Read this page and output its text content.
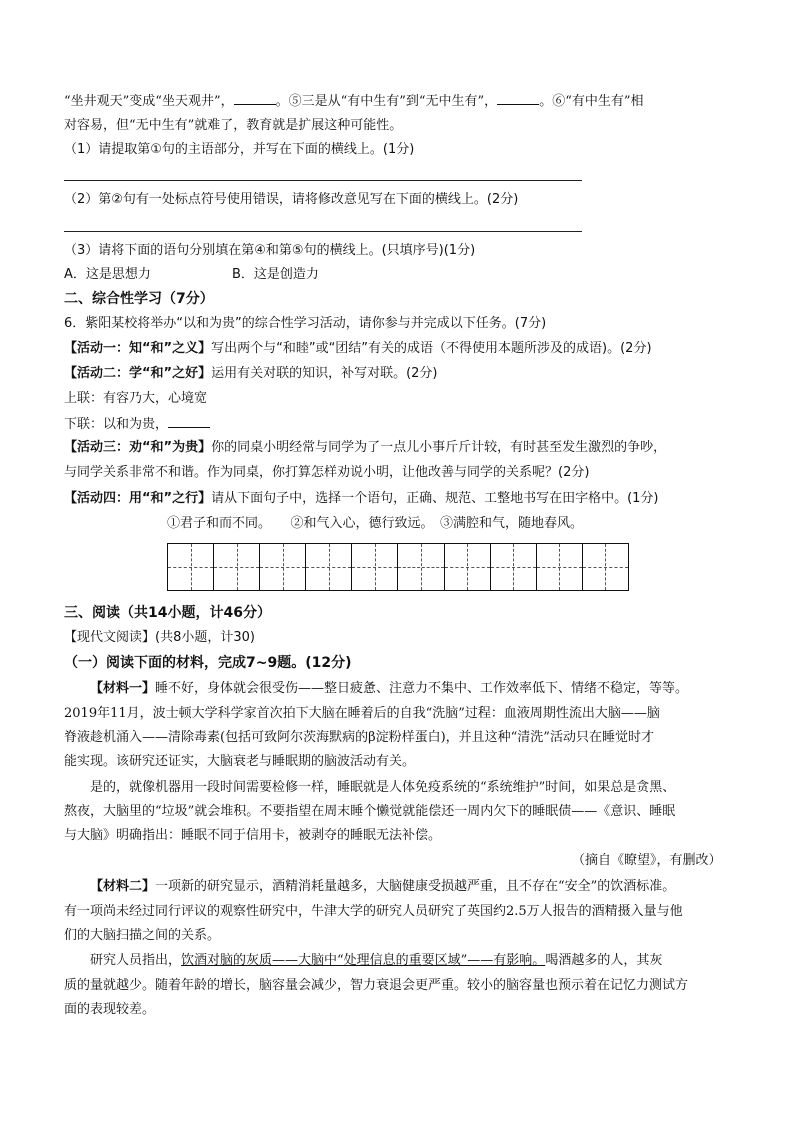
“坐井观天”变成“坐天观井”，	。⑤三是从“有中生有”到“无中生有”，	。⑥“有中生有”相
对容易，但“无中生有”就难了，教育就是扩展这种可能性。
（1）请提取第①句的主语部分，并写在下面的横线上。(1分)
（2）第②句有一处标点符号使用错误，请将修改意见写在下面的横线上。(2分)
（3）请将下面的语句分别填在第④和第⑤句的横线上。(只填序号)(1分)
A．这是思想力	B．这是创造力
二、综合性学习（7分）
6．紫阳某校将举办“以和为贵”的综合性学习活动，请你参与并完成以下任务。(7分)
【活动一：知“和”之义】写出两个与“和睦”或“团结”有关的成语（不得使用本题所涉及的成语)。(2分)
【活动二：学“和”之好】运用有关对联的知识，补写对联。(2分)
上联：有容乃大，心境宽
下联：以和为贵，
【活动三：劝“和”为贵】你的同桌小明经常与同学为了一点儿小事斤斤计较，有时甚至发生激烈的争吵，
与同学关系非常不和谐。作为同桌，你打算怎样劝说小明，让他改善与同学的关系呢？(2分)
【活动四：用“和”之行】请从下面句子中，选择一个语句，正确、规范、工整地书写在田字格中。(1分)
①君子和而不同。　　②和气入心，德行致远。　③满腔和气，随地春风。
三、阅读（共14小题，计46分）
【现代文阅读】(共8小题，计30)
（一）阅读下面的材料，完成7~9题。(12分)
【材料一】睡不好，身体就会很受伤——整日疲惫、注意力不集中、工作效率低下、情绪不稳定，等等。
2019年11月，波士顿大学科学家首次拍下大脑在睡着后的自我“洗脑”过程：血液周期性流出大脑——脑
脊液趁机涌入——清除毒素(包括可致阿尔茨海默病的β淀粉样蛋白)，并且这种“清洗”活动只在睡觉时才
能实现。该研究还证实，大脑衰老与睡眠期的脑波活动有关。
是的，就像机器用一段时间需要检修一样，睡眠就是人体免疫系统的“系统维护”时间，如果总是贪黑、
熬夜，大脑里的“垃圾”就会堆积。不要指望在周末睡个懒觉就能偿还一周内欠下的睡眠债——《意识、睡眠
与大脑》明确指出：睡眠不同于信用卡，被剥夺的睡眠无法补偿。
（摘自《瞭望》，有删改）
【材料二】一项新的研究显示，酒精消耗量越多，大脑健康受损越严重，且不存在“安全”的饮酒标准。
有一项尚未经过同行评议的观察性研究中，牛津大学的研究人员研究了英国约2.5万人报告的酒精摄入量与他
们的大脑扫描之间的关系。
研究人员指出，饮酒对脑的灰质——大脑中“处理信息的重要区域”——有影响。喝酒越多的人，其灰
质的量就越少。随着年龄的增长，脑容量会减少，智力衰退会更严重。较小的脑容量也预示着在记忆力测试方
面的表现较差。
